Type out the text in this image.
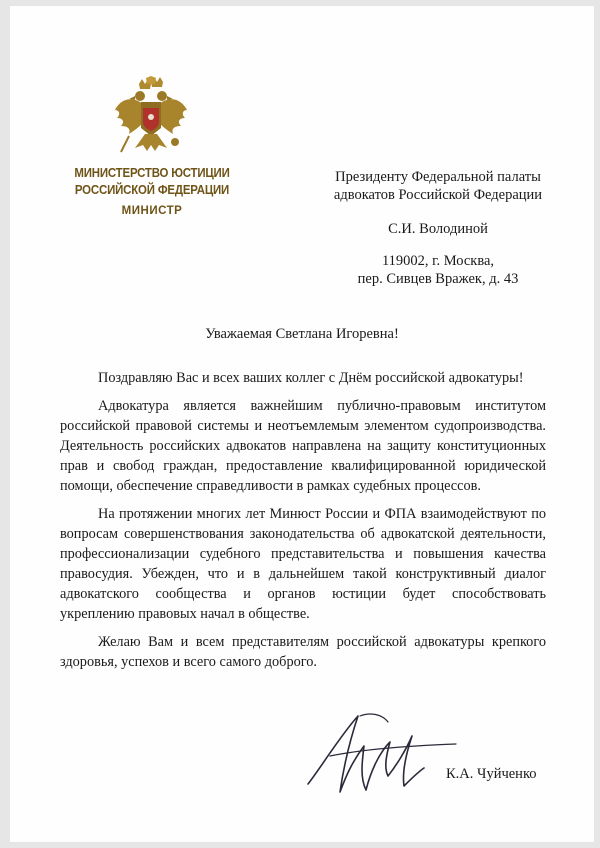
МИНИСТЕРСТВО ЮСТИЦИИ
РОССИЙСКОЙ ФЕДЕРАЦИИ
МИНИСТР
Президенту Федеральной палаты
адвокатов Российской Федерации
С.И. Володиной
119002, г. Москва,
пер. Сивцев Вражек, д. 43
Уважаемая Светлана Игоревна!

Поздравляю Вас и всех ваших коллег с Днём российской адвокатуры!

Адвокатура является важнейшим публично-правовым институтом российской правовой системы и неотъемлемым элементом судопроизводства. Деятельность российских адвокатов направлена на защиту конституционных прав и свобод граждан, предоставление квалифицированной юридической помощи, обеспечение справедливости в рамках судебных процессов.

На протяжении многих лет Минюст России и ФПА взаимодействуют по вопросам совершенствования законодательства об адвокатской деятельности, профессионализации судебного представительства и повышения качества правосудия. Убежден, что и в дальнейшем такой конструктивный диалог адвокатского сообщества и органов юстиции будет способствовать укреплению правовых начал в обществе.

Желаю Вам и всем представителям российской адвокатуры крепкого здоровья, успехов и всего самого доброго.

К.А. Чуйченко
